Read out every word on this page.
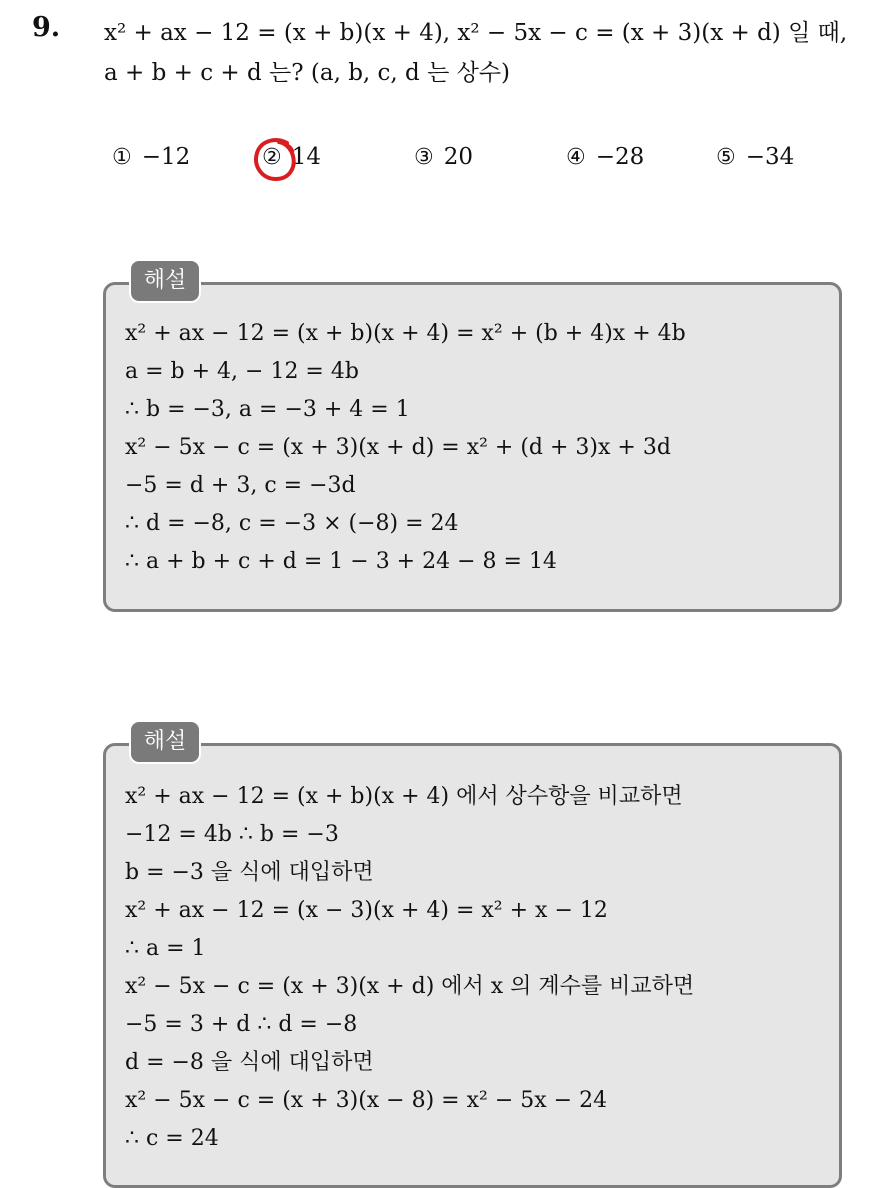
9. x² + ax − 12 = (x + b)(x + 4), x² − 5x − c = (x + 3)(x + d) 일 때,
a + b + c + d 는? (a, b, c, d 는 상수)
① −12	② 14	③ 20	④ −28	⑤ −34
해설
x² + ax − 12 = (x + b)(x + 4) = x² + (b + 4)x + 4b
a = b + 4, − 12 = 4b
∴ b = −3, a = −3 + 4 = 1
x² − 5x − c = (x + 3)(x + d) = x² + (d + 3)x + 3d
−5 = d + 3, c = −3d
∴ d = −8, c = −3 × (−8) = 24
∴ a + b + c + d = 1 − 3 + 24 − 8 = 14
해설
x² + ax − 12 = (x + b)(x + 4) 에서 상수항을 비교하면
−12 = 4b ∴ b = −3
b = −3 을 식에 대입하면
x² + ax − 12 = (x − 3)(x + 4) = x² + x − 12
∴ a = 1
x² − 5x − c = (x + 3)(x + d) 에서 x 의 계수를 비교하면
−5 = 3 + d ∴ d = −8
d = −8 을 식에 대입하면
x² − 5x − c = (x + 3)(x − 8) = x² − 5x − 24
∴ c = 24
